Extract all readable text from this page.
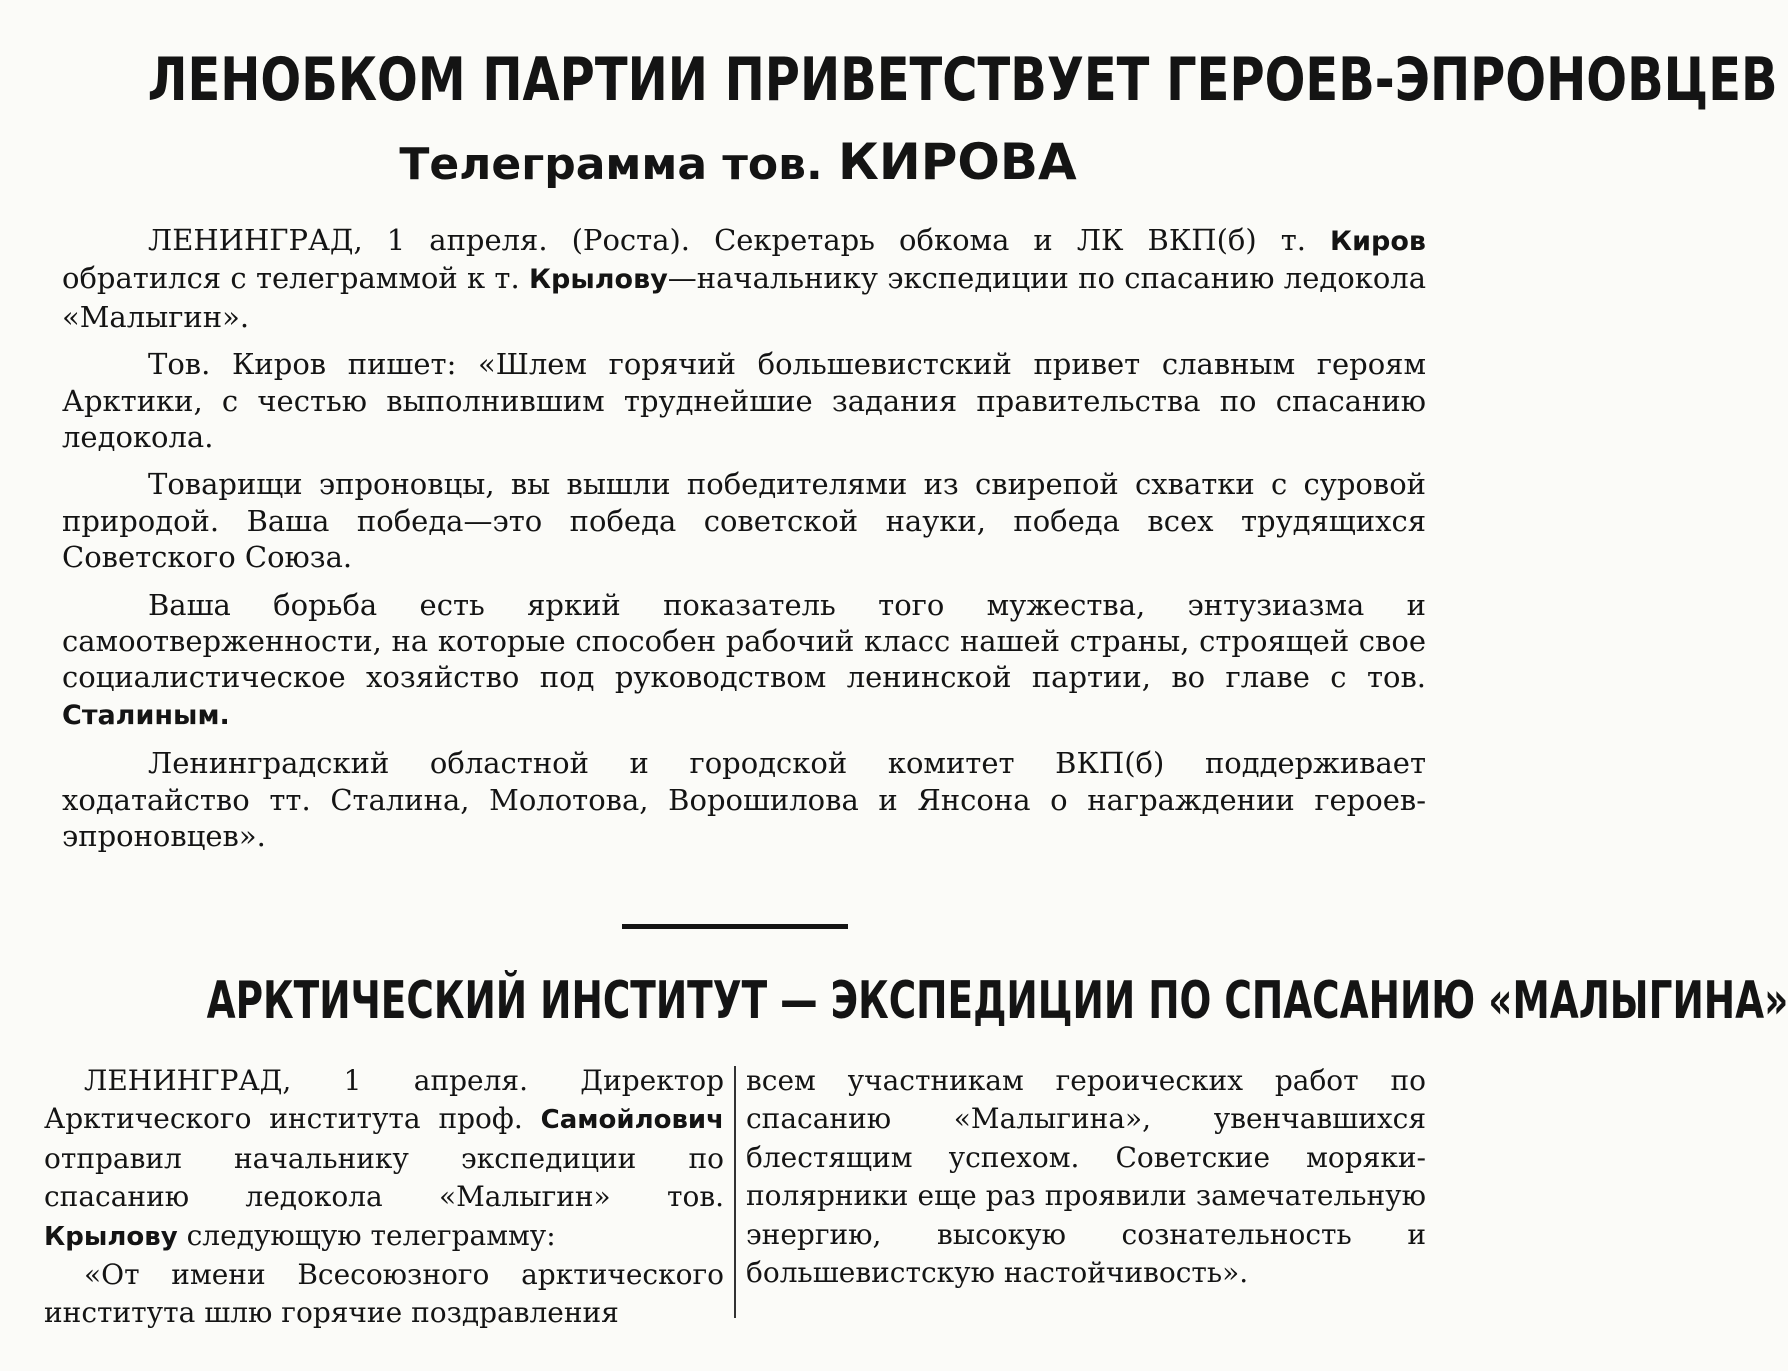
ЛЕНОБКОМ ПАРТИИ ПРИВЕТСТВУЕТ ГЕРОЕВ-ЭПРОНОВЦЕВ
Телеграмма тов. КИРОВА

ЛЕНИНГРАД, 1 апреля. (Роста). Секретарь обкома и ЛК ВКП(б) т. Киров обратился с телеграммой к т. Крылову—начальнику экспедиции по спасанию ледокола «Малыгин».

Тов. Киров пишет: «Шлем горячий большевистский привет славным героям Арктики, с честью выполнившим труднейшие задания правительства по спасанию ледокола.

Товарищи эпроновцы, вы вышли победителями из свирепой схватки с суровой природой. Ваша победа—это победа советской науки, победа всех трудящихся Советского Союза.

Ваша борьба есть яркий показатель того мужества, энтузиазма и самоотверженности, на которые способен рабочий класс нашей страны, строящей свое социалистическое хозяйство под руководством ленинской партии, во главе с тов. Сталиным.

Ленинградский областной и городской комитет ВКП(б) поддерживает ходатайство тт. Сталина, Молотова, Ворошилова и Янсона о награждении героев-эпроновцев».

АРКТИЧЕСКИЙ ИНСТИТУТ — ЭКСПЕДИЦИИ ПО СПАСАНИЮ «МАЛЫГИНА»

ЛЕНИНГРАД, 1 апреля. Директор Арктического института проф. Самойлович отправил начальнику экспедиции по спасанию ледокола «Малыгин» тов. Крылову следующую телеграмму:

«От имени Всесоюзного арктического института шлю горячие поздравления

всем участникам героических работ по спасанию «Малыгина», увенчавшихся блестящим успехом. Советские моряки-полярники еще раз проявили замечательную энергию, высокую сознательность и большевистскую настойчивость».
